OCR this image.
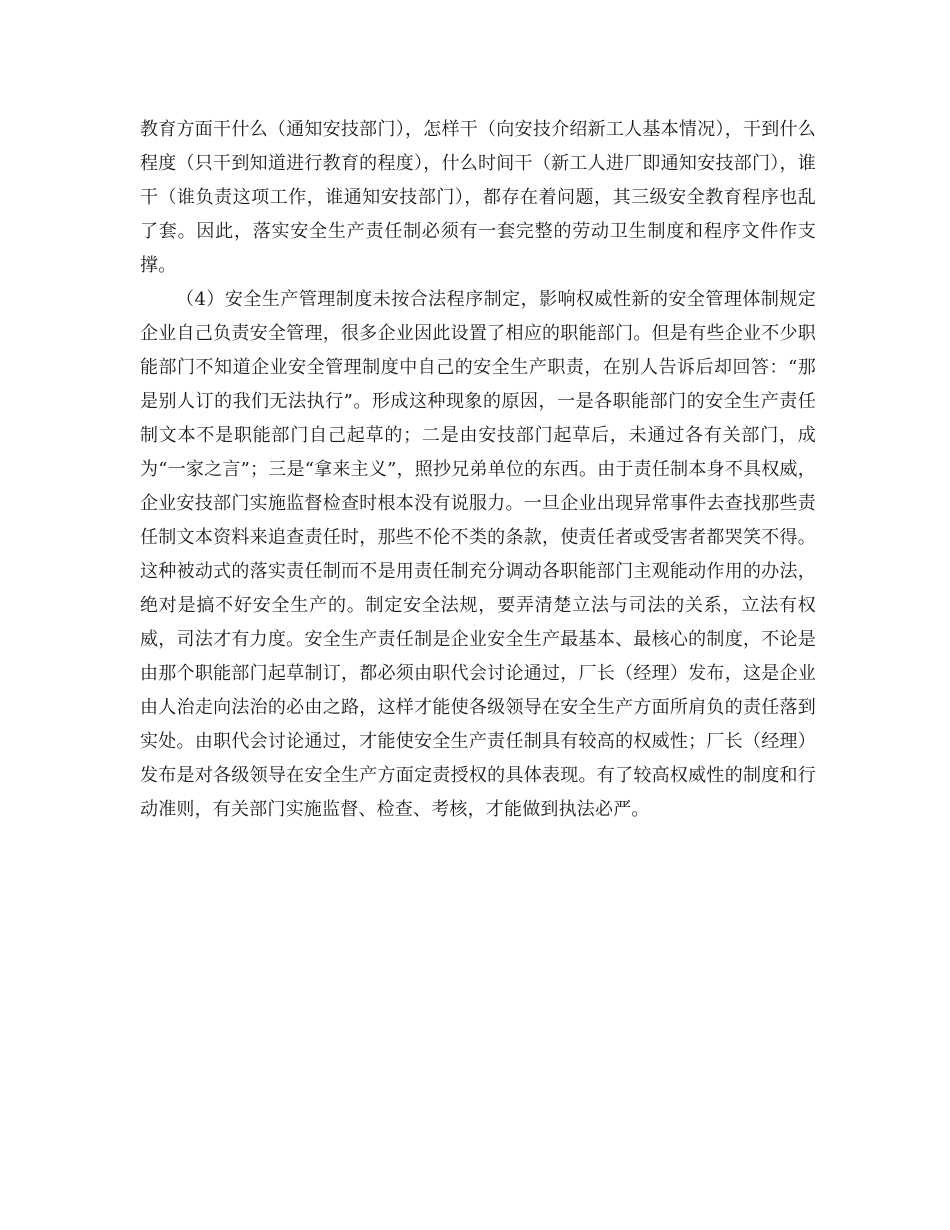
教育方面干什么（通知安技部门），怎样干（向安技介绍新工人基本情况），干到什么程度（只干到知道进行教育的程度），什么时间干（新工人进厂即通知安技部门），谁干（谁负责这项工作，谁通知安技部门），都存在着问题，其三级安全教育程序也乱了套。因此，落实安全生产责任制必须有一套完整的劳动卫生制度和程序文件作支撑。

（4）安全生产管理制度未按合法程序制定，影响权威性新的安全管理体制规定企业自己负责安全管理，很多企业因此设置了相应的职能部门。但是有些企业不少职能部门不知道企业安全管理制度中自己的安全生产职责，在别人告诉后却回答：“那是别人订的我们无法执行”。形成这种现象的原因，一是各职能部门的安全生产责任制文本不是职能部门自己起草的；二是由安技部门起草后，未通过各有关部门，成为“一家之言”；三是“拿来主义”，照抄兄弟单位的东西。由于责任制本身不具权威，企业安技部门实施监督检查时根本没有说服力。一旦企业出现异常事件去查找那些责任制文本资料来追查责任时，那些不伦不类的条款，使责任者或受害者都哭笑不得。这种被动式的落实责任制而不是用责任制充分调动各职能部门主观能动作用的办法，绝对是搞不好安全生产的。制定安全法规，要弄清楚立法与司法的关系，立法有权威，司法才有力度。安全生产责任制是企业安全生产最基本、最核心的制度，不论是由那个职能部门起草制订，都必须由职代会讨论通过，厂长（经理）发布，这是企业由人治走向法治的必由之路，这样才能使各级领导在安全生产方面所肩负的责任落到实处。由职代会讨论通过，才能使安全生产责任制具有较高的权威性；厂长（经理）发布是对各级领导在安全生产方面定责授权的具体表现。有了较高权威性的制度和行动准则，有关部门实施监督、检查、考核，才能做到执法必严。
